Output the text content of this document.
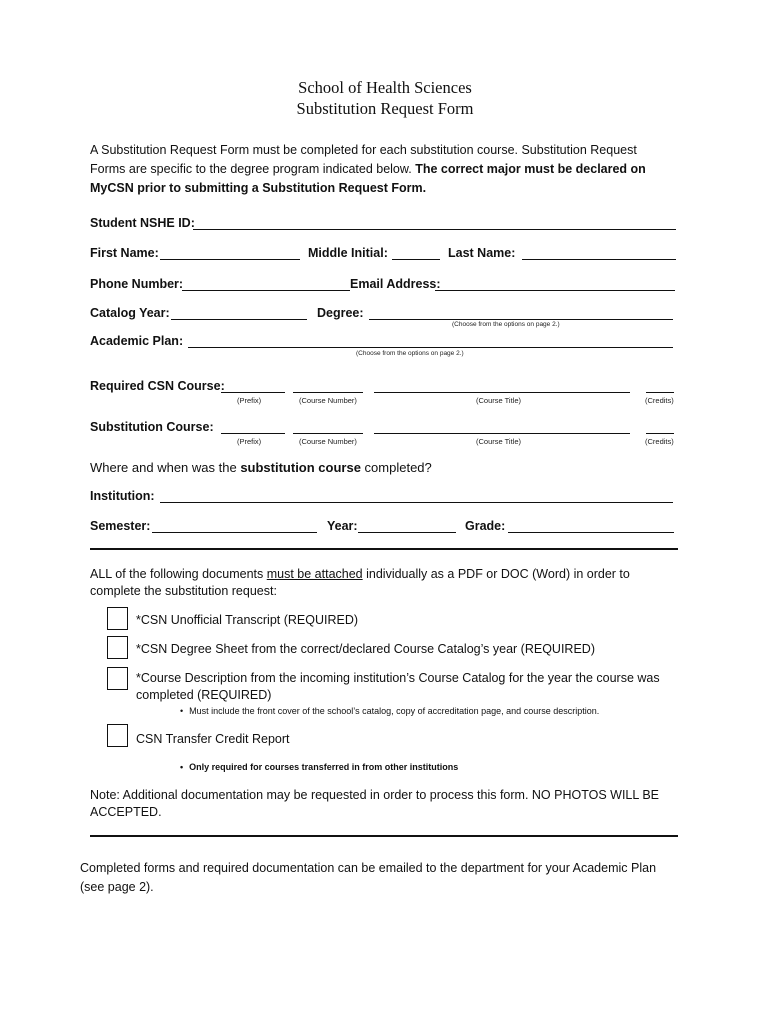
School of Health Sciences
Substitution Request Form
A Substitution Request Form must be completed for each substitution course. Substitution Request Forms are specific to the degree program indicated below. The correct major must be declared on MyCSN prior to submitting a Substitution Request Form.
Student NSHE ID:
First Name:	Middle Initial:	Last Name:
Phone Number:	Email Address:
Catalog Year:	Degree:
(Choose from the options on page 2.)
Academic Plan:
(Choose from the options on page 2.)
Required CSN Course:
(Prefix)	(Course Number)	(Course Title)	(Credits)
Substitution Course:
(Prefix)	(Course Number)	(Course Title)	(Credits)
Where and when was the substitution course completed?
Institution:
Semester:	Year:	Grade:
ALL of the following documents must be attached individually as a PDF or DOC (Word) in order to complete the substitution request:
*CSN Unofficial Transcript (REQUIRED)
*CSN Degree Sheet from the correct/declared Course Catalog’s year (REQUIRED)
*Course Description from the incoming institution’s Course Catalog for the year the course was completed (REQUIRED)
• Must include the front cover of the school’s catalog, copy of accreditation page, and course description.
CSN Transfer Credit Report
• Only required for courses transferred in from other institutions
Note: Additional documentation may be requested in order to process this form. NO PHOTOS WILL BE ACCEPTED.
Completed forms and required documentation can be emailed to the department for your Academic Plan (see page 2).
